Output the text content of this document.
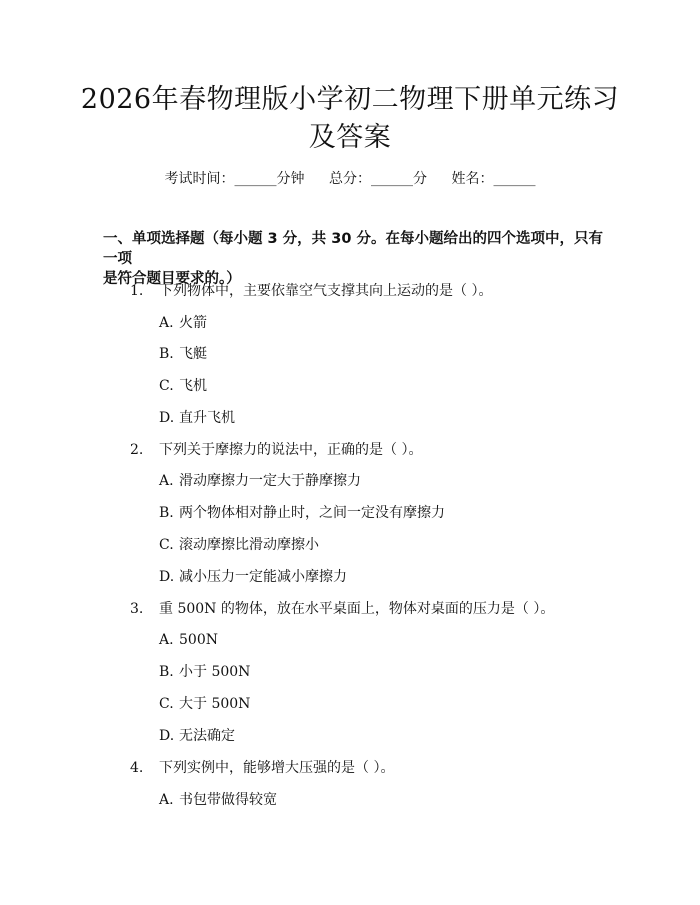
2026年春物理版小学初二物理下册单元练习
及答案
考试时间：______分钟 总分：______分 姓名：______
一、单项选择题（每小题 3 分，共 30 分。在每小题给出的四个选项中，只有一项
是符合题目要求的。）
1. 下列物体中，主要依靠空气支撑其向上运动的是（ ）。
A. 火箭
B. 飞艇
C. 飞机
D. 直升飞机
2. 下列关于摩擦力的说法中，正确的是（ ）。
A. 滑动摩擦力一定大于静摩擦力
B. 两个物体相对静止时，之间一定没有摩擦力
C. 滚动摩擦比滑动摩擦小
D. 减小压力一定能减小摩擦力
3. 重 500N 的物体，放在水平桌面上，物体对桌面的压力是（ ）。
A. 500N
B. 小于 500N
C. 大于 500N
D. 无法确定
4. 下列实例中，能够增大压强的是（ ）。
A. 书包带做得较宽
